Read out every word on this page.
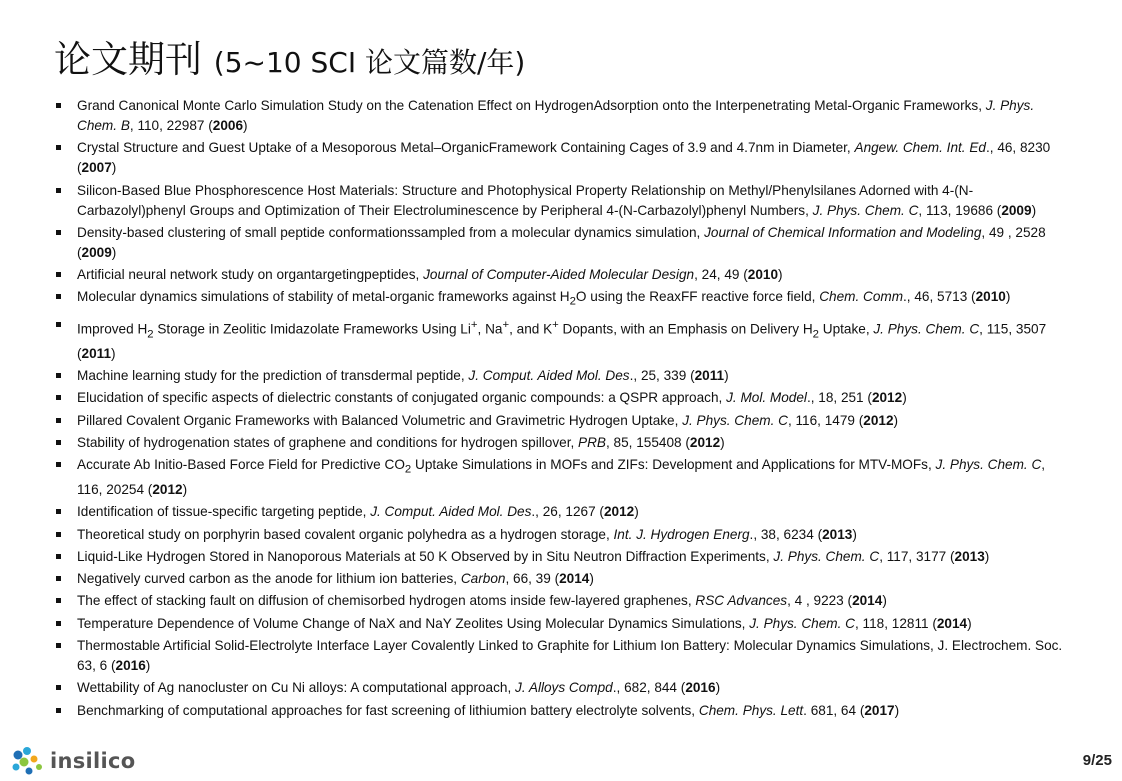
论文期刊 (5~10 SCI 论文篇数/年)
Grand Canonical Monte Carlo Simulation Study on the Catenation Effect on HydrogenAdsorption onto the Interpenetrating Metal-Organic Frameworks, J. Phys. Chem. B, 110, 22987 (2006)
Crystal Structure and Guest Uptake of a Mesoporous Metal–OrganicFramework Containing Cages of 3.9 and 4.7nm in Diameter, Angew. Chem. Int. Ed., 46, 8230 (2007)
Silicon-Based Blue Phosphorescence Host Materials: Structure and Photophysical Property Relationship on Methyl/Phenylsilanes Adorned with 4-(N-Carbazolyl)phenyl Groups and Optimization of Their Electroluminescence by Peripheral 4-(N-Carbazolyl)phenyl Numbers, J. Phys. Chem. C, 113, 19686 (2009)
Density-based clustering of small peptide conformationssampled from a molecular dynamics simulation, Journal of Chemical Information and Modeling, 49 , 2528 (2009)
Artificial neural network study on organtargetingpeptides, Journal of Computer-Aided Molecular Design, 24, 49 (2010)
Molecular dynamics simulations of stability of metal-organic frameworks against $H_2O$ using the ReaxFF reactive force field, Chem. Comm., 46, 5713 (2010)
Improved $H_2$ Storage in Zeolitic Imidazolate Frameworks Using Li+, Na+, and K+ Dopants, with an Emphasis on Delivery $H_2$ Uptake, J. Phys. Chem. C, 115, 3507 (2011)
Machine learning study for the prediction of transdermal peptide, J. Comput. Aided Mol. Des., 25, 339 (2011)
Elucidation of specific aspects of dielectric constants of conjugated organic compounds: a QSPR approach, J. Mol. Model., 18, 251 (2012)
Pillared Covalent Organic Frameworks with Balanced Volumetric and Gravimetric Hydrogen Uptake, J. Phys. Chem. C, 116, 1479 (2012)
Stability of hydrogenation states of graphene and conditions for hydrogen spillover, PRB, 85, 155408 (2012)
Accurate Ab Initio-Based Force Field for Predictive $CO_2$ Uptake Simulations in MOFs and ZIFs: Development and Applications for MTV-MOFs, J. Phys. Chem. C, 116, 20254 (2012)
Identification of tissue-specific targeting peptide, J. Comput. Aided Mol. Des., 26, 1267 (2012)
Theoretical study on porphyrin based covalent organic polyhedra as a hydrogen storage, Int. J. Hydrogen Energ., 38, 6234 (2013)
Liquid-Like Hydrogen Stored in Nanoporous Materials at 50 K Observed by in Situ Neutron Diffraction Experiments, J. Phys. Chem. C, 117, 3177 (2013)
Negatively curved carbon as the anode for lithium ion batteries, Carbon, 66, 39 (2014)
The effect of stacking fault on diffusion of chemisorbed hydrogen atoms inside few-layered graphenes, RSC Advances, 4 , 9223 (2014)
Temperature Dependence of Volume Change of NaX and NaY Zeolites Using Molecular Dynamics Simulations, J. Phys. Chem. C, 118, 12811 (2014)
Thermostable Artificial Solid-Electrolyte Interface Layer Covalently Linked to Graphite for Lithium Ion Battery: Molecular Dynamics Simulations, J. Electrochem. Soc. 63, 6 (2016)
Wettability of Ag nanocluster on Cu Ni alloys: A computational approach, J. Alloys Compd., 682, 844 (2016)
Benchmarking of computational approaches for fast screening of lithiumion battery electrolyte solvents, Chem. Phys. Lett. 681, 64 (2017)
insilico	9/25
